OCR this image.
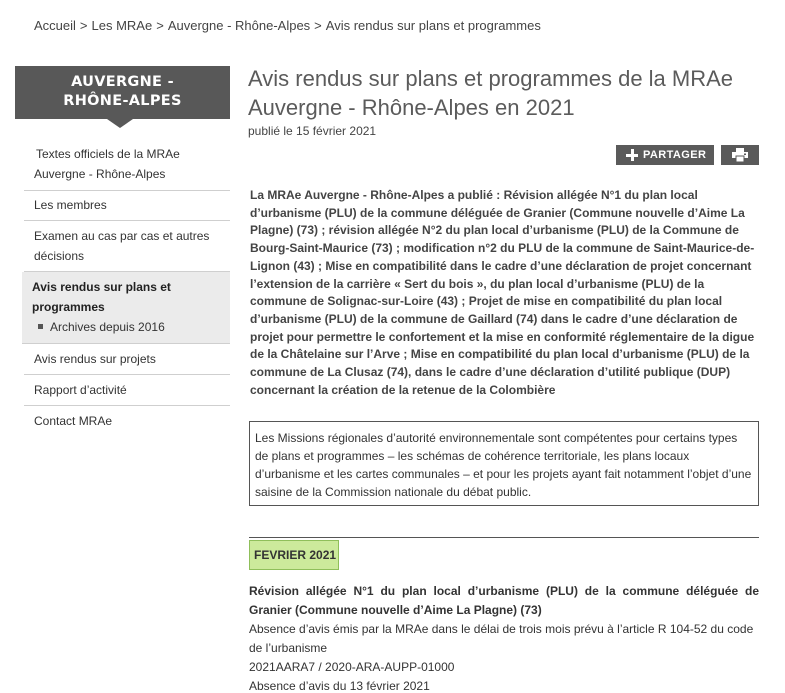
Accueil > Les MRAe > Auvergne - Rhône-Alpes > Avis rendus sur plans et programmes
AUVERGNE -
RHÔNE-ALPES
Textes officiels de la MRAe Auvergne - Rhône-Alpes
Les membres
Examen au cas par cas et autres décisions
Avis rendus sur plans et programmes
Archives depuis 2016
Avis rendus sur projets
Rapport d’activité
Contact MRAe
Avis rendus sur plans et programmes de la MRAe Auvergne - Rhône-Alpes en 2021
publié le 15 février 2021
PARTAGER
La MRAe Auvergne - Rhône-Alpes a publié : Révision allégée N°1 du plan local d’urbanisme (PLU) de la commune déléguée de Granier (Commune nouvelle d’Aime La Plagne) (73) ; révision allégée N°2 du plan local d’urbanisme (PLU) de la Commune de Bourg-Saint-Maurice (73) ; modification n°2 du PLU de la commune de Saint-Maurice-de-Lignon (43) ; Mise en compatibilité dans le cadre d’une déclaration de projet concernant l’extension de la carrière « Sert du bois », du plan local d’urbanisme (PLU) de la commune de Solignac-sur-Loire (43) ; Projet de mise en compatibilité du plan local d’urbanisme (PLU) de la commune de Gaillard (74) dans le cadre d’une déclaration de projet pour permettre le confortement et la mise en conformité réglementaire de la digue de la Châtelaine sur l’Arve ; Mise en compatibilité du plan local d’urbanisme (PLU) de la commune de La Clusaz (74), dans le cadre d’une déclaration d’utilité publique (DUP) concernant la création de la retenue de la Colombière
Les Missions régionales d’autorité environnementale sont compétentes pour certains types de plans et programmes – les schémas de cohérence territoriale, les plans locaux d’urbanisme et les cartes communales – et pour les projets ayant fait notamment l’objet d’une saisine de la Commission nationale du débat public.
FEVRIER 2021
Révision allégée N°1 du plan local d’urbanisme (PLU) de la commune déléguée de Granier (Commune nouvelle d’Aime La Plagne) (73)
Absence d’avis émis par la MRAe dans le délai de trois mois prévu à l’article R 104-52 du code de l’urbanisme
2021AARA7 / 2020-ARA-AUPP-01000
Absence d’avis du 13 février 2021
